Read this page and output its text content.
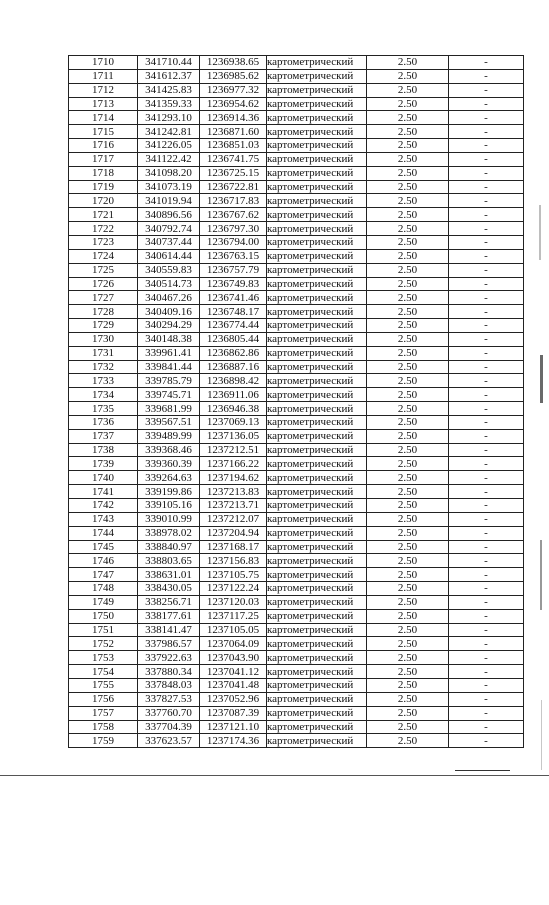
1710	341710.44	1236938.65	картометрический	2.50	-
1711	341612.37	1236985.62	картометрический	2.50	-
1712	341425.83	1236977.32	картометрический	2.50	-
1713	341359.33	1236954.62	картометрический	2.50	-
1714	341293.10	1236914.36	картометрический	2.50	-
1715	341242.81	1236871.60	картометрический	2.50	-
1716	341226.05	1236851.03	картометрический	2.50	-
1717	341122.42	1236741.75	картометрический	2.50	-
1718	341098.20	1236725.15	картометрический	2.50	-
1719	341073.19	1236722.81	картометрический	2.50	-
1720	341019.94	1236717.83	картометрический	2.50	-
1721	340896.56	1236767.62	картометрический	2.50	-
1722	340792.74	1236797.30	картометрический	2.50	-
1723	340737.44	1236794.00	картометрический	2.50	-
1724	340614.44	1236763.15	картометрический	2.50	-
1725	340559.83	1236757.79	картометрический	2.50	-
1726	340514.73	1236749.83	картометрический	2.50	-
1727	340467.26	1236741.46	картометрический	2.50	-
1728	340409.16	1236748.17	картометрический	2.50	-
1729	340294.29	1236774.44	картометрический	2.50	-
1730	340148.38	1236805.44	картометрический	2.50	-
1731	339961.41	1236862.86	картометрический	2.50	-
1732	339841.44	1236887.16	картометрический	2.50	-
1733	339785.79	1236898.42	картометрический	2.50	-
1734	339745.71	1236911.06	картометрический	2.50	-
1735	339681.99	1236946.38	картометрический	2.50	-
1736	339567.51	1237069.13	картометрический	2.50	-
1737	339489.99	1237136.05	картометрический	2.50	-
1738	339368.46	1237212.51	картометрический	2.50	-
1739	339360.39	1237166.22	картометрический	2.50	-
1740	339264.63	1237194.62	картометрический	2.50	-
1741	339199.86	1237213.83	картометрический	2.50	-
1742	339105.16	1237213.71	картометрический	2.50	-
1743	339010.99	1237212.07	картометрический	2.50	-
1744	338978.02	1237204.94	картометрический	2.50	-
1745	338840.97	1237168.17	картометрический	2.50	-
1746	338803.65	1237156.83	картометрический	2.50	-
1747	338631.01	1237105.75	картометрический	2.50	-
1748	338430.05	1237122.24	картометрический	2.50	-
1749	338256.71	1237120.03	картометрический	2.50	-
1750	338177.61	1237117.25	картометрический	2.50	-
1751	338141.47	1237105.05	картометрический	2.50	-
1752	337986.57	1237064.09	картометрический	2.50	-
1753	337922.63	1237043.90	картометрический	2.50	-
1754	337880.34	1237041.12	картометрический	2.50	-
1755	337848.03	1237041.48	картометрический	2.50	-
1756	337827.53	1237052.96	картометрический	2.50	-
1757	337760.70	1237087.39	картометрический	2.50	-
1758	337704.39	1237121.10	картометрический	2.50	-
1759	337623.57	1237174.36	картометрический	2.50	-
